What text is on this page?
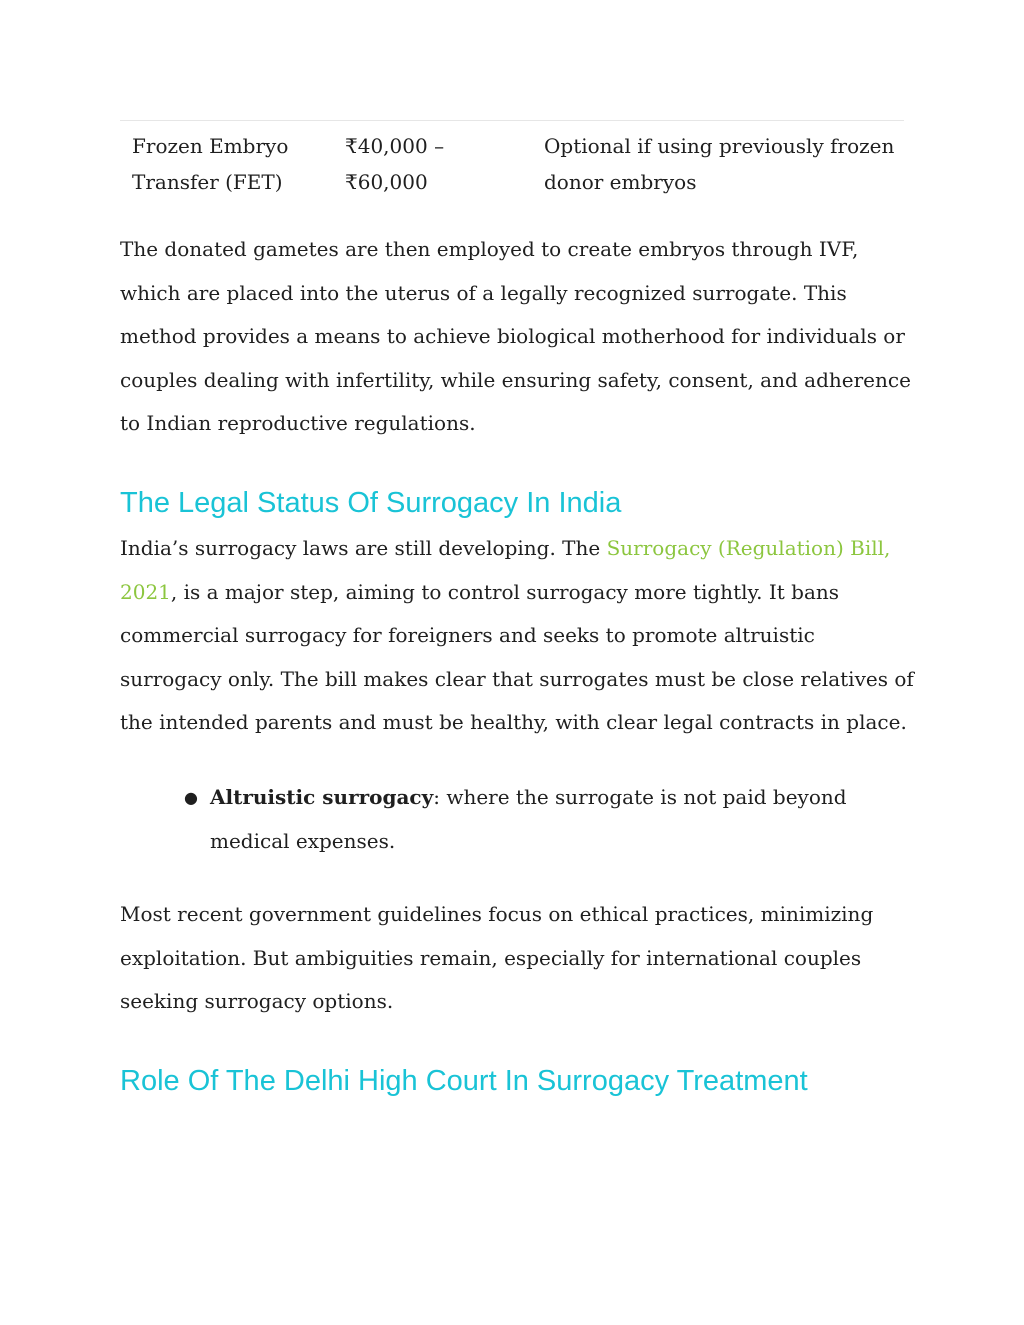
Frozen Embryo Transfer (FET)
₹40,000 – ₹60,000
Optional if using previously frozen donor embryos

The donated gametes are then employed to create embryos through IVF, which are placed into the uterus of a legally recognized surrogate. This method provides a means to achieve biological motherhood for individuals or couples dealing with infertility, while ensuring safety, consent, and adherence to Indian reproductive regulations.

The Legal Status Of Surrogacy In India

India’s surrogacy laws are still developing. The Surrogacy (Regulation) Bill, 2021, is a major step, aiming to control surrogacy more tightly. It bans commercial surrogacy for foreigners and seeks to promote altruistic surrogacy only. The bill makes clear that surrogates must be close relatives of the intended parents and must be healthy, with clear legal contracts in place.

● Altruistic surrogacy: where the surrogate is not paid beyond medical expenses.

Most recent government guidelines focus on ethical practices, minimizing exploitation. But ambiguities remain, especially for international couples seeking surrogacy options.

Role Of The Delhi High Court In Surrogacy Treatment
